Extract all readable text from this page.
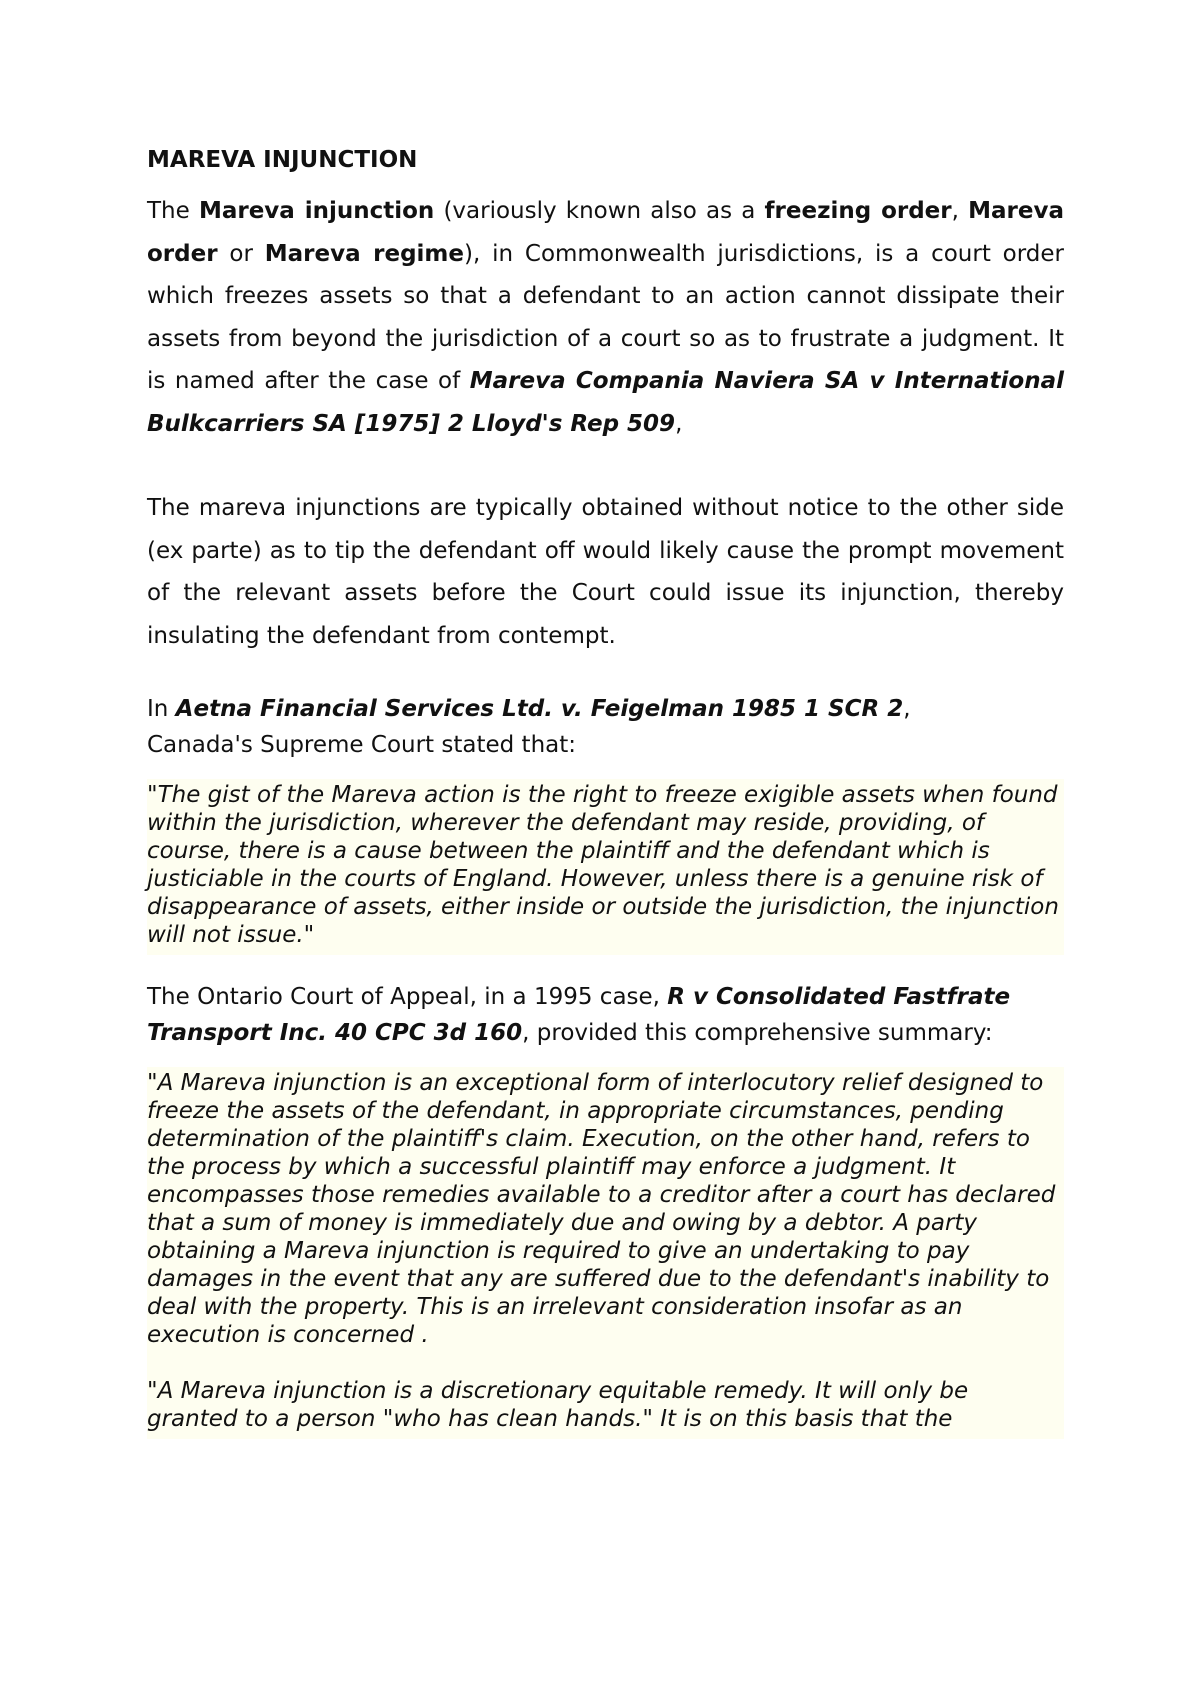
MAREVA INJUNCTION

The Mareva injunction (variously known also as a freezing order, Mareva order or Mareva regime), in Commonwealth jurisdictions, is a court order which freezes assets so that a defendant to an action cannot dissipate their assets from beyond the jurisdiction of a court so as to frustrate a judgment. It is named after the case of Mareva Compania Naviera SA v International Bulkcarriers SA [1975] 2 Lloyd's Rep 509,

The mareva injunctions are typically obtained without notice to the other side (ex parte) as to tip the defendant off would likely cause the prompt movement of the relevant assets before the Court could issue its injunction, thereby insulating the defendant from contempt.

In Aetna Financial Services Ltd. v. Feigelman 1985 1 SCR 2,
Canada's Supreme Court stated that:

"The gist of the Mareva action is the right to freeze exigible assets when found within the jurisdiction, wherever the defendant may reside, providing, of course, there is a cause between the plaintiff and the defendant which is justiciable in the courts of England. However, unless there is a genuine risk of disappearance of assets, either inside or outside the jurisdiction, the injunction will not issue."

The Ontario Court of Appeal, in a 1995 case, R v Consolidated Fastfrate Transport Inc. 40 CPC 3d 160, provided this comprehensive summary:

"A Mareva injunction is an exceptional form of interlocutory relief designed to freeze the assets of the defendant, in appropriate circumstances, pending determination of the plaintiff's claim. Execution, on the other hand, refers to the process by which a successful plaintiff may enforce a judgment. It encompasses those remedies available to a creditor after a court has declared that a sum of money is immediately due and owing by a debtor. A party obtaining a Mareva injunction is required to give an undertaking to pay damages in the event that any are suffered due to the defendant's inability to deal with the property. This is an irrelevant consideration insofar as an execution is concerned .

"A Mareva injunction is a discretionary equitable remedy. It will only be granted to a person "who has clean hands." It is on this basis that the
